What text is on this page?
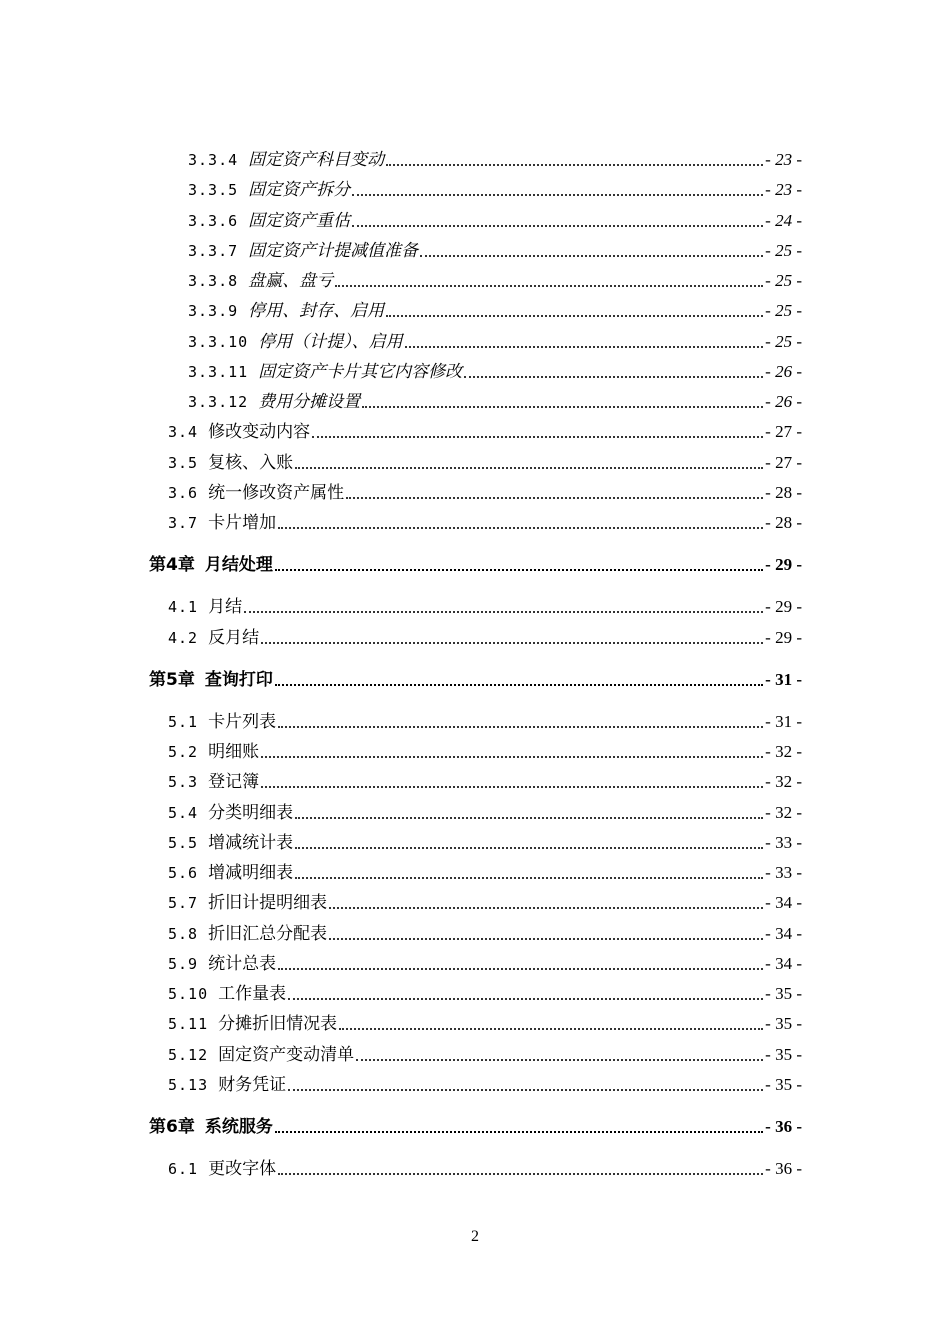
3.3.4 固定资产科目变动	- 23 -
3.3.5 固定资产拆分	- 23 -
3.3.6 固定资产重估	- 24 -
3.3.7 固定资产计提减值准备	- 25 -
3.3.8 盘赢、盘亏	- 25 -
3.3.9 停用、封存、启用	- 25 -
3.3.10 停用（计提）、启用	- 25 -
3.3.11 固定资产卡片其它内容修改	- 26 -
3.3.12 费用分摊设置	- 26 -
3.4 修改变动内容	- 27 -
3.5 复核、入账	- 27 -
3.6 统一修改资产属性	- 28 -
3.7 卡片增加	- 28 -
第4章 月结处理	- 29 -
4.1 月结	- 29 -
4.2 反月结	- 29 -
第5章 查询打印	- 31 -
5.1 卡片列表	- 31 -
5.2 明细账	- 32 -
5.3 登记簿	- 32 -
5.4 分类明细表	- 32 -
5.5 增减统计表	- 33 -
5.6 增减明细表	- 33 -
5.7 折旧计提明细表	- 34 -
5.8 折旧汇总分配表	- 34 -
5.9 统计总表	- 34 -
5.10 工作量表	- 35 -
5.11 分摊折旧情况表	- 35 -
5.12 固定资产变动清单	- 35 -
5.13 财务凭证	- 35 -
第6章 系统服务	- 36 -
6.1 更改字体	- 36 -
2
